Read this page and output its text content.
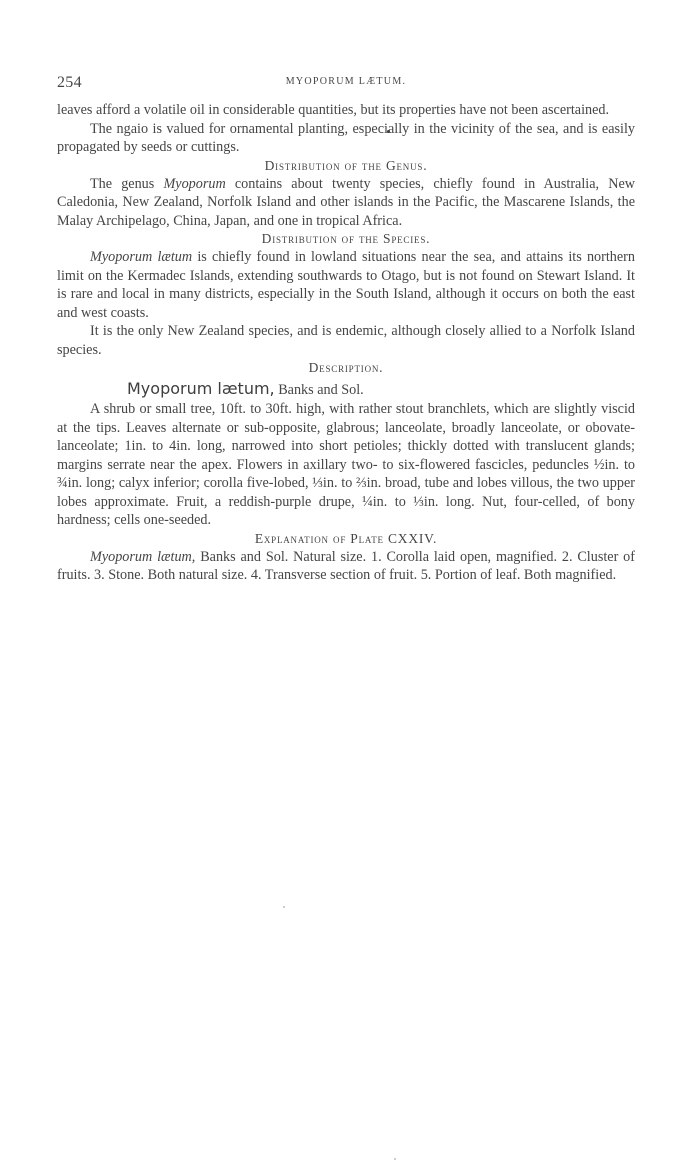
254	MYOPORUM LÆTUM.

leaves afford a volatile oil in considerable quantities, but its properties have not been ascertained.

The ngaio is valued for ornamental planting, especially in the vicinity of the sea, and is easily propagated by seeds or cuttings.

Distribution of the Genus.

The genus Myoporum contains about twenty species, chiefly found in Australia, New Caledonia, New Zealand, Norfolk Island and other islands in the Pacific, the Mascarene Islands, the Malay Archipelago, China, Japan, and one in tropical Africa.

Distribution of the Species.

Myoporum lætum is chiefly found in lowland situations near the sea, and attains its northern limit on the Kermadec Islands, extending southwards to Otago, but is not found on Stewart Island. It is rare and local in many districts, especially in the South Island, although it occurs on both the east and west coasts.

It is the only New Zealand species, and is endemic, although closely allied to a Norfolk Island species.

Description.
Myoporum lætum, Banks and Sol.

A shrub or small tree, 10ft. to 30ft. high, with rather stout branchlets, which are slightly viscid at the tips. Leaves alternate or sub-opposite, glabrous; lanceolate, broadly lanceolate, or obovate-lanceolate; 1in. to 4in. long, narrowed into short petioles; thickly dotted with translucent glands; margins serrate near the apex. Flowers in axillary two- to six-flowered fascicles, peduncles ½in. to ¾in. long; calyx inferior; corolla five-lobed, ⅓in. to ⅔in. broad, tube and lobes villous, the two upper lobes approximate. Fruit, a reddish-purple drupe, ¼in. to ⅓in. long. Nut, four-celled, of bony hardness; cells one-seeded.

Explanation of Plate CXXIV.

Myoporum lætum, Banks and Sol. Natural size. 1. Corolla laid open, magnified. 2. Cluster of fruits. 3. Stone. Both natural size. 4. Transverse section of fruit. 5. Portion of leaf. Both magnified.
